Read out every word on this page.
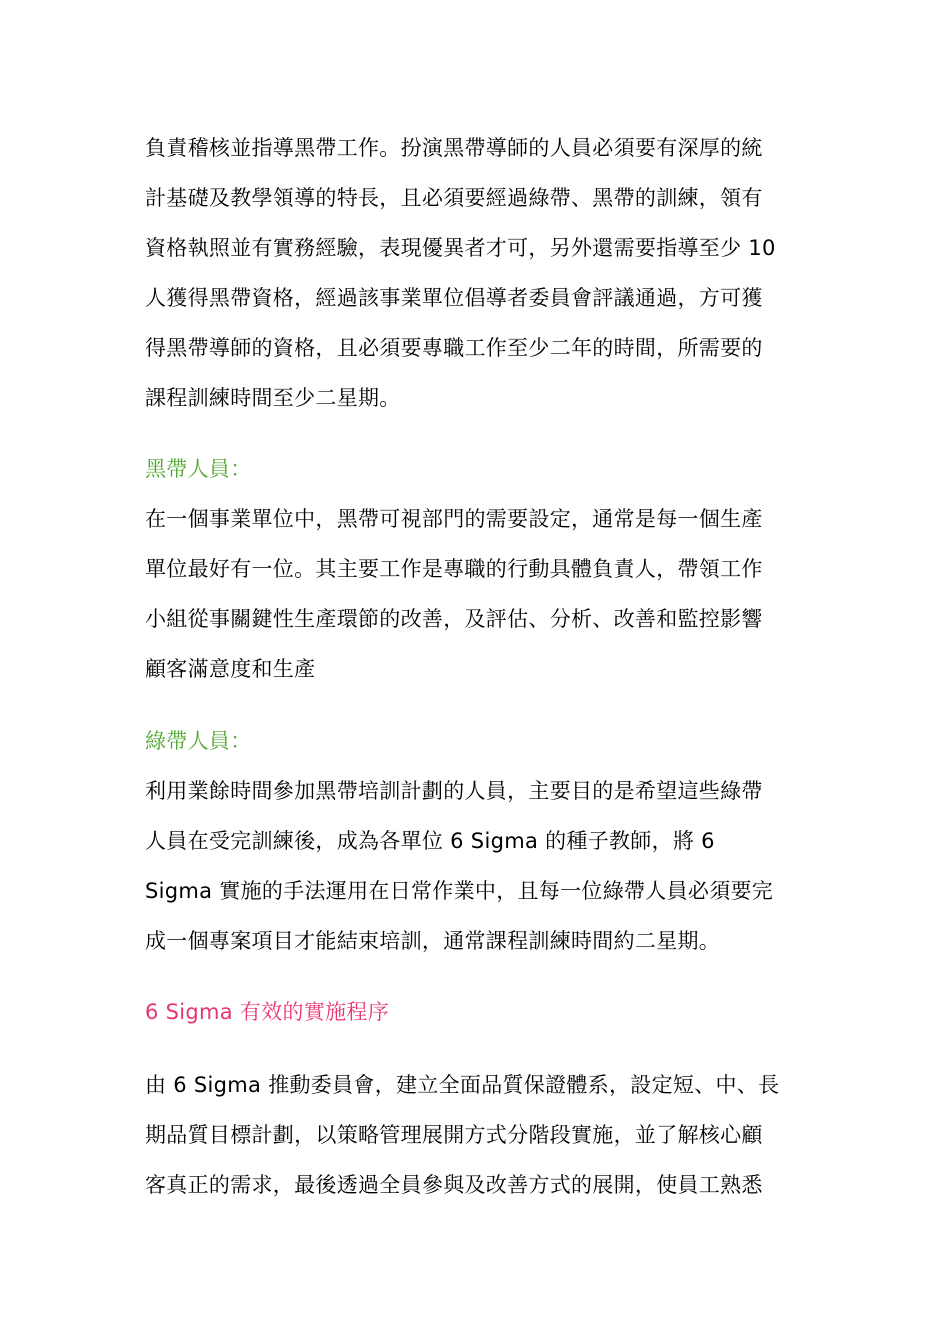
負責稽核並指導黑帶工作。扮演黑帶導師的人員必須要有深厚的統
計基礎及教學領導的特長，且必須要經過綠帶、黑帶的訓練，領有
資格執照並有實務經驗，表現優異者才可，另外還需要指導至少 10
人獲得黑帶資格，經過該事業單位倡導者委員會評議通過，方可獲
得黑帶導師的資格，且必須要專職工作至少二年的時間，所需要的
課程訓練時間至少二星期。
黑帶人員：
在一個事業單位中，黑帶可視部門的需要設定，通常是每一個生產
單位最好有一位。其主要工作是專職的行動具體負責人，帶領工作
小組從事關鍵性生產環節的改善，及評估、分析、改善和監控影響
顧客滿意度和生產
綠帶人員：
利用業餘時間參加黑帶培訓計劃的人員，主要目的是希望這些綠帶
人員在受完訓練後，成為各單位 6 Sigma 的種子教師，將 6
Sigma 實施的手法運用在日常作業中，且每一位綠帶人員必須要完
成一個專案項目才能結束培訓，通常課程訓練時間約二星期。
6 Sigma 有效的實施程序
由 6 Sigma 推動委員會，建立全面品質保證體系，設定短、中、長
期品質目標計劃，以策略管理展開方式分階段實施，並了解核心顧
客真正的需求，最後透過全員參與及改善方式的展開，使員工熟悉
